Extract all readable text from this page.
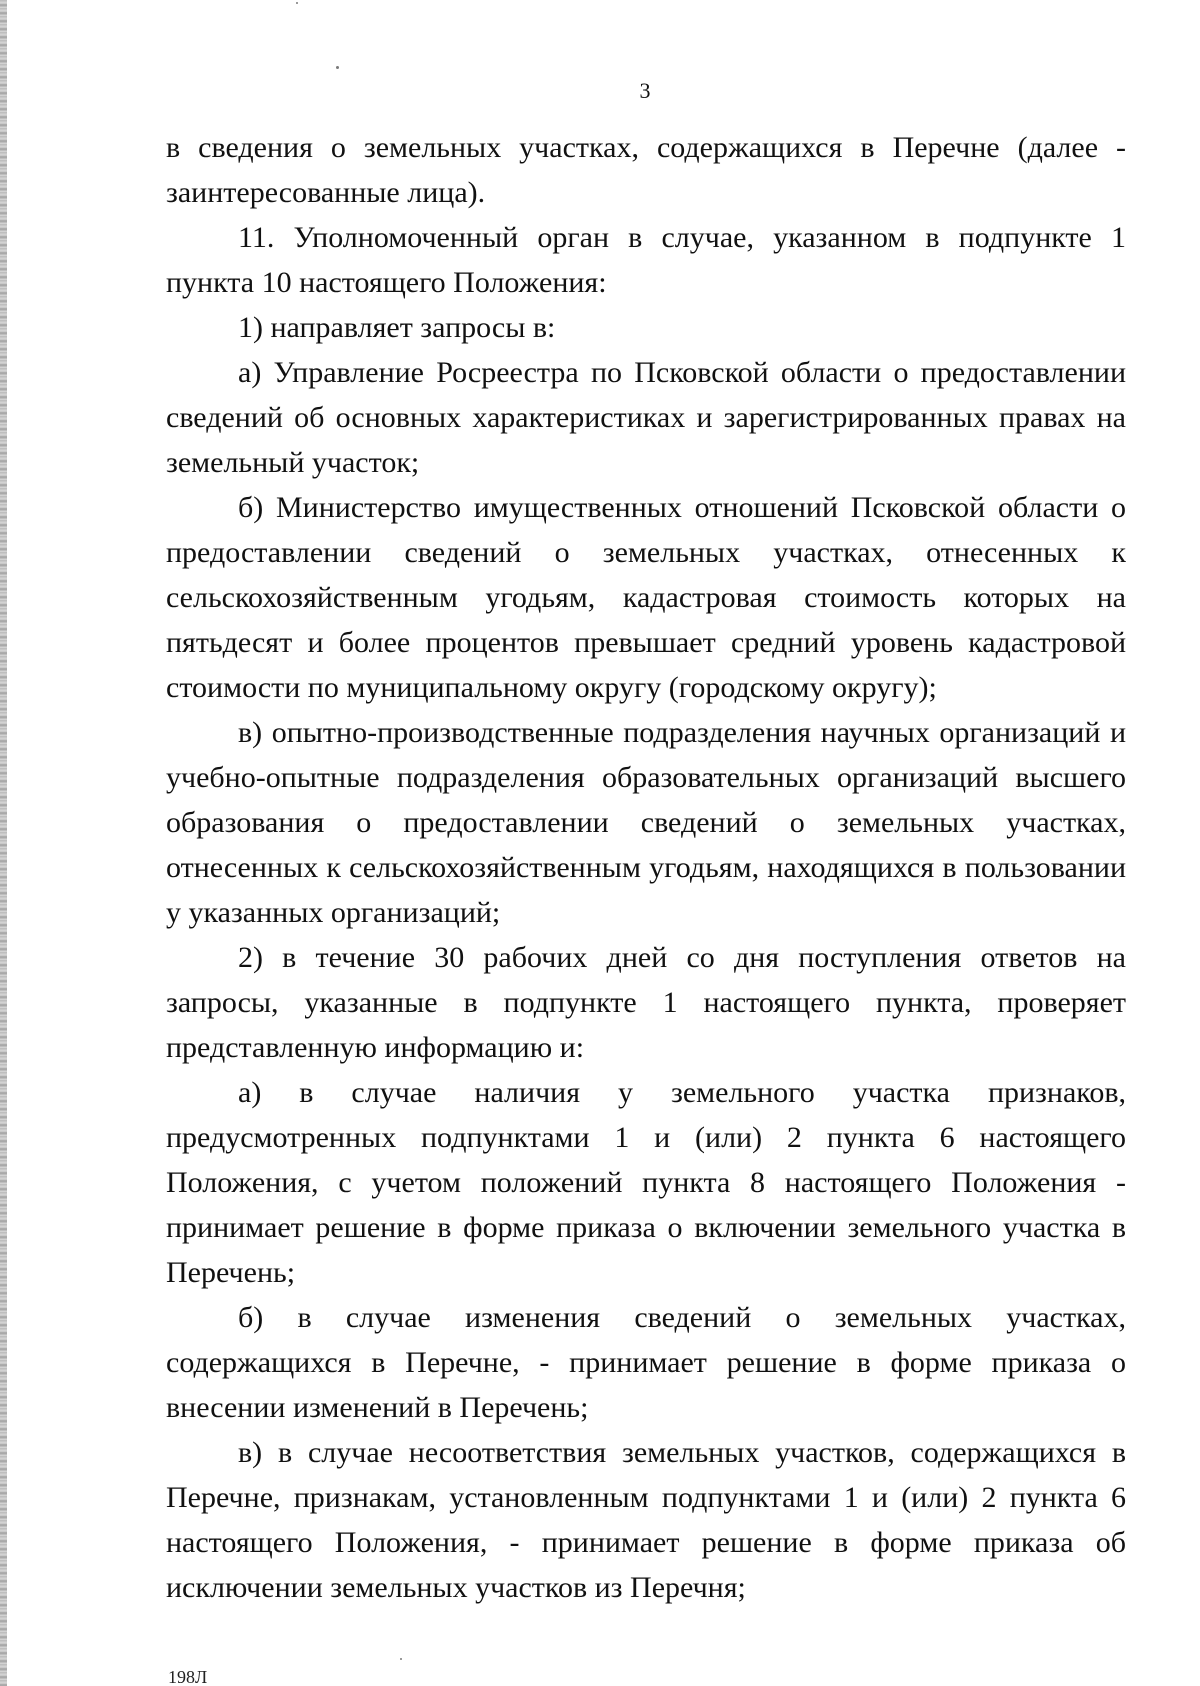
3

в сведения о земельных участках, содержащихся в Перечне (далее - заинтересованные лица).

11. Уполномоченный орган в случае, указанном в подпункте 1 пункта 10 настоящего Положения:

1) направляет запросы в:

а) Управление Росреестра по Псковской области о предоставлении сведений об основных характеристиках и зарегистрированных правах на земельный участок;

б) Министерство имущественных отношений Псковской области о предоставлении сведений о земельных участках, отнесенных к сельскохозяйственным угодьям, кадастровая стоимость которых на пятьдесят и более процентов превышает средний уровень кадастровой стоимости по муниципальному округу (городскому округу);

в) опытно-производственные подразделения научных организаций и учебно-опытные подразделения образовательных организаций высшего образования о предоставлении сведений о земельных участках, отнесенных к сельскохозяйственным угодьям, находящихся в пользовании у указанных организаций;

2) в течение 30 рабочих дней со дня поступления ответов на запросы, указанные в подпункте 1 настоящего пункта, проверяет представленную информацию и:

а) в случае наличия у земельного участка признаков, предусмотренных подпунктами 1 и (или) 2 пункта 6 настоящего Положения, с учетом положений пункта 8 настоящего Положения - принимает решение в форме приказа о включении земельного участка в Перечень;

б) в случае изменения сведений о земельных участках, содержащихся в Перечне, - принимает решение в форме приказа о внесении изменений в Перечень;

в) в случае несоответствия земельных участков, содержащихся в Перечне, признакам, установленным подпунктами 1 и (или) 2 пункта 6 настоящего Положения, - принимает решение в форме приказа об исключении земельных участков из Перечня;

198Л
